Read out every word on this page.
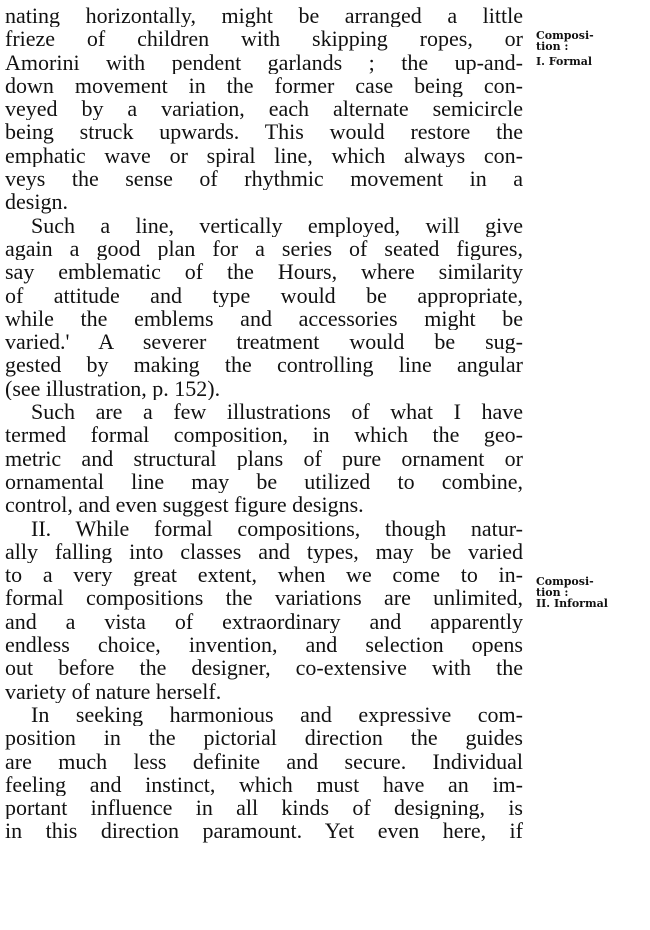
nating horizontally, might be arranged a little
frieze of children with skipping ropes, or
Amorini with pendent garlands ; the up-and-
down movement in the former case being con-
veyed by a variation, each alternate semicircle
being struck upwards. This would restore the
emphatic wave or spiral line, which always con-
veys the sense of rhythmic movement in a
design.
Such a line, vertically employed, will give
again a good plan for a series of seated figures,
say emblematic of the Hours, where similarity
of attitude and type would be appropriate,
while the emblems and accessories might be
varied.' A severer treatment would be sug-
gested by making the controlling line angular
(see illustration, p. 152).
Such are a few illustrations of what I have
termed formal composition, in which the geo-
metric and structural plans of pure ornament or
ornamental line may be utilized to combine,
control, and even suggest figure designs.
II. While formal compositions, though natur-
ally falling into classes and types, may be varied
to a very great extent, when we come to in-
formal compositions the variations are unlimited,
and a vista of extraordinary and apparently
endless choice, invention, and selection opens
out before the designer, co-extensive with the
variety of nature herself.
In seeking harmonious and expressive com-
position in the pictorial direction the guides
are much less definite and secure. Individual
feeling and instinct, which must have an im-
portant influence in all kinds of designing, is
in this direction paramount. Yet even here, if
Composi-
tion :
I. Formal
Composi-
tion :
II. Informal
